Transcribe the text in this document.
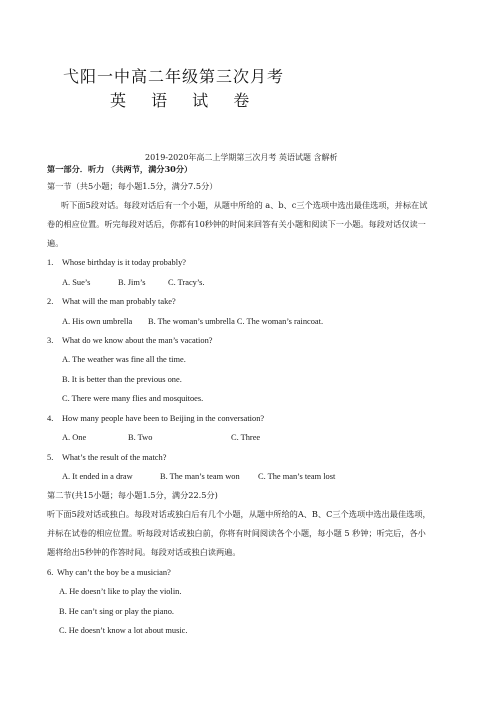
弋阳一中高二年级第三次月考
英 语 试 卷
2019-2020年高二上学期第三次月考 英语试题 含解析
第一部分．听力 （共两节，满分30分）
第一节（共5小题；每小题1.5分，满分7.5分）
听下面5段对话。每段对话后有一个小题，从题中所给的 a、b、c三个选项中选出最佳选项，并标在试
卷的相应位置。听完每段对话后，你都有10秒钟的时间来回答有关小题和阅读下一小题。每段对话仅读一
遍。
1. Whose birthday is it today probably?
A. Sue’s	B. Jim’s	C. Tracy’s.
2. What will the man probably take?
A. His own umbrella B. The woman’s umbrella C. The woman’s raincoat.
3. What do we know about the man’s vacation?
A. The weather was fine all the time.
B. It is better than the previous one.
C. There were many flies and mosquitoes.
4. How many people have been to Beijing in the conversation?
A. One	B. Two	C. Three
5. What’s the result of the match?
A. It ended in a draw	B. The man’s team won C. The man’s team lost
第二节(共15小题；每小题1.5分，满分22.5分)
听下面5段对话或独白。每段对话或独白后有几个小题，从题中所给的A、B、C三个选项中选出最佳选项，
并标在试卷的相应位置。听每段对话或独白前，你将有时间阅读各个小题，每小题 5 秒钟；听完后，各小
题将给出5秒钟的作答时间。每段对话或独白读两遍。
6. Why can’t the boy be a musician?
A. He doesn’t like to play the violin.
B. He can’t sing or play the piano.
C. He doesn’t know a lot about music.
